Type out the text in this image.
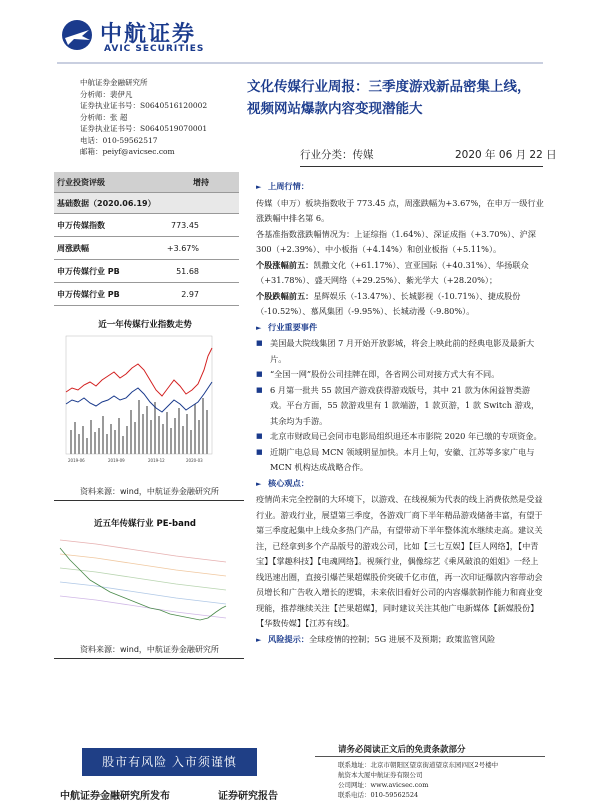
中航证券
AVIC SECURITIES
中航证券金融研究所
分析师：裴伊凡
证券执业证书号：S0640516120002
分析师：张 超
证券执业证书号：S0640519070001
电话：010-59562517
邮箱：peiyf@avicsec.com
文化传媒行业周报：三季度游戏新品密集上线，
视频网站爆款内容变现潜能大
行业分类：传媒	2020 年 06 月 22 日
行业投资评级	增持
基础数据（2020.06.19）	
申万传媒指数	773.45
周涨跌幅	+3.67%
申万传媒行业 PB	51.68
申万传媒行业 PB	2.97
近一年传媒行业指数走势
2019-06	2019-09	2019-12	2020-03
资料来源：wind，中航证券金融研究所
近五年传媒行业 PE-band
资料来源：wind，中航证券金融研究所

► 上周行情：

传媒（申万）板块指数收于 773.45 点，周涨跌幅为+3.67%，在申万一级行业涨跌幅中排名第 6。

各基准指数涨跌幅情况为：上证综指（1.64%）、深证成指（+3.70%）、沪深 300（+2.39%）、中小板指（+4.14%）和创业板指（+5.11%）。

个股涨幅前五：凯撒文化（+61.17%）、宣亚国际（+40.31%）、华扬联众（+31.78%）、盛天网络（+29.25%）、紫光学大（+28.20%）；

个股跌幅前五：星辉娱乐（-13.47%）、长城影视（-10.71%）、捷成股份（-10.52%）、慕风集团（-9.95%）、长城动漫（-9.80%）。

► 行业重要事件

■ 美国最大院线集团 7 月开始开放影城，将会上映此前的经典电影及最新大片。

■ “全国一网”股份公司挂牌在即，各省网公司对接方式大有不同。

■ 6 月第一批共 55 款国产游戏获得游戏版号，其中 21 款为休闲益智类游戏。平台方面，55 款游戏里有 1 款端游，1 款页游，1 款 Switch 游戏，其余均为手游。

■ 北京市财政局已会同市电影局组织退还本市影院 2020 年已缴的专项资金。

■ 近期广电总局 MCN 领域明显加快。本月上旬，安徽、江苏等多家广电与 MCN 机构达成战略合作。

► 核心观点：

疫情尚未完全控制的大环境下，以游戏、在线视频为代表的线上消费依然是受益行业。游戏行业，展望第三季度，各游戏厂商下半年精品游戏储备丰富，有望于第三季度起集中上线众多热门产品，有望带动下半年整体流水继续走高。建议关注，已经拿到多个产品版号的游戏公司，比如【三七互娱】【巨人网络】，【中青宝】【掌趣科技】【电魂网络】。视频行业，偶像综艺《乘风破浪的姐姐》一经上线迅速出圈，直接引爆芒果超媒股价突破千亿市值，再一次印证爆款内容带动会员增长和广告收入增长的逻辑，未来依旧看好公司的内容爆款制作能力和商业变现能，推荐继续关注【芒果超媒】，同时建议关注其他广电新媒体【新媒股份】【华数传媒】【江苏有线】。

► 风险提示：全球疫情的控制；5G 进展不及预期；政策监管风险

股市有风险 入市须谨慎
请务必阅读正文后的免责条款部分
联系地址：北京市朝阳区望京街道望京东园四区2号楼中
航资本大厦中航证券有限公司
公司网址：www.avicsec.com
联系电话：010-59562524
中航证券金融研究所发布	证券研究报告
